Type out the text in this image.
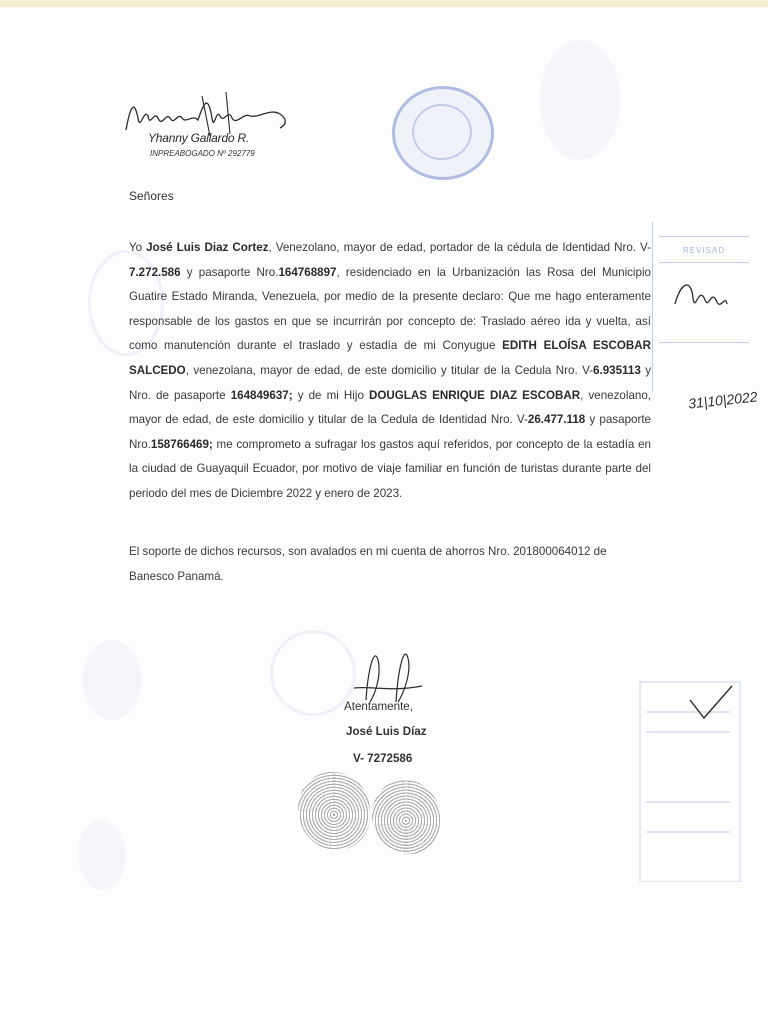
Yhanny Gallardo R.
INPREABOGADO Nº 292779
Señores

Yo José Luis Diaz Cortez, Venezolano, mayor de edad, portador de la cédula de Identidad Nro. V-7.272.586 y pasaporte Nro.164768897, residenciado en la Urbanización las Rosa del Municipio Guatire Estado Miranda, Venezuela, por medio de la presente declaro: Que me hago enteramente responsable de los gastos en que se incurrirán por concepto de: Traslado aéreo ida y vuelta, así como manutención durante el traslado y estadía de mi Conyugue EDITH ELOÍSA ESCOBAR SALCEDO, venezolana, mayor de edad, de este domicilio y titular de la Cedula Nro. V-6.935113 y Nro. de pasaporte 164849637; y de mi Hijo DOUGLAS ENRIQUE DIAZ ESCOBAR, venezolano, mayor de edad, de este domicilio y titular de la Cedula de Identidad Nro. V-26.477.118 y pasaporte Nro.158766469; me comprometo a sufragar los gastos aquí referidos, por concepto de la estadía en la ciudad de Guayaquil Ecuador, por motivo de viaje familiar en función de turistas durante parte del periodo del mes de Diciembre 2022 y enero de 2023.

El soporte de dichos recursos, son avalados en mi cuenta de ahorros Nro. 201800064012 de Banesco Panamá.

REVISAD
31|10|2022
Atentamente,
José Luis Díaz
V- 7272586
